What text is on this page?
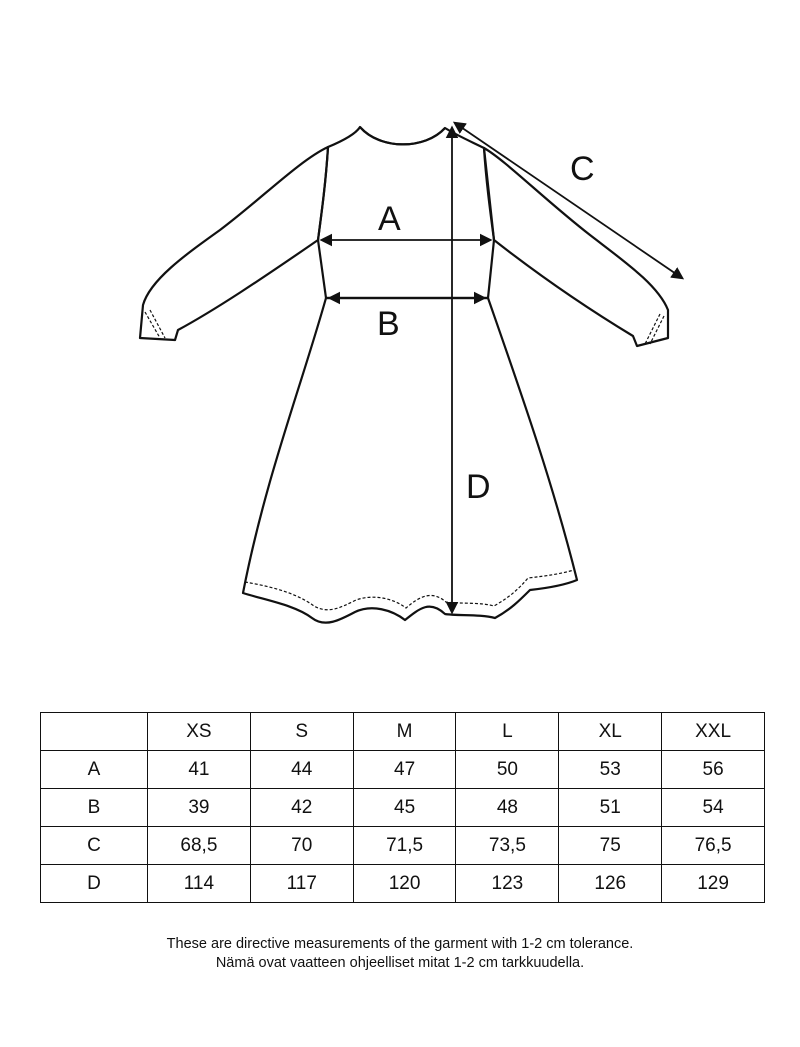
A
B
C
D
	XS	S	M	L	XL	XXL
A	41	44	47	50	53	56
B	39	42	45	48	51	54
C	68,5	70	71,5	73,5	75	76,5
D	114	117	120	123	126	129
These are directive measurements of the garment with 1-2 cm tolerance.
Nämä ovat vaatteen ohjeelliset mitat 1-2 cm tarkkuudella.
